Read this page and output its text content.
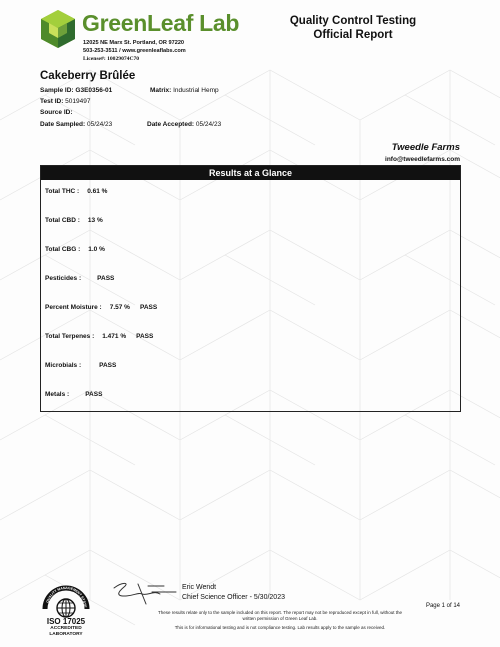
GreenLeaf Lab
12025 NE Marx St. Portland, OR 97220
503-253-3511 / www.greenleaflabs.com
License#: 10029074C70
Quality Control Testing
Official Report
Cakeberry Brûlée
Sample ID: G3E0356-01	Matrix: Industrial Hemp
Test ID: 5019497
Source ID:
Date Sampled: 05/24/23	Date Accepted: 05/24/23
Tweedle Farms
info@tweedlefarms.com
Results at a Glance
Total THC : 0.61 %
Total CBD : 13 %
Total CBG : 1.0 %
Pesticides : PASS
Percent Moisture : 7.57 % PASS
Total Terpenes : 1.471 % PASS
Microbials :	PASS
Metals : PASS
QUALITY MANAGEMENT SYSTE
ISO 17025
ACCREDITED
LABORATORY
Eric Wendt
Chief Science Officer - 5/30/2023
Page 1 of 14
These results relate only to the sample included on this report. The report may not be reproduced except in full, without the
written permission of Green Leaf Lab.
This is for informational testing and is not compliance testing. Lab results apply to the sample as received.
